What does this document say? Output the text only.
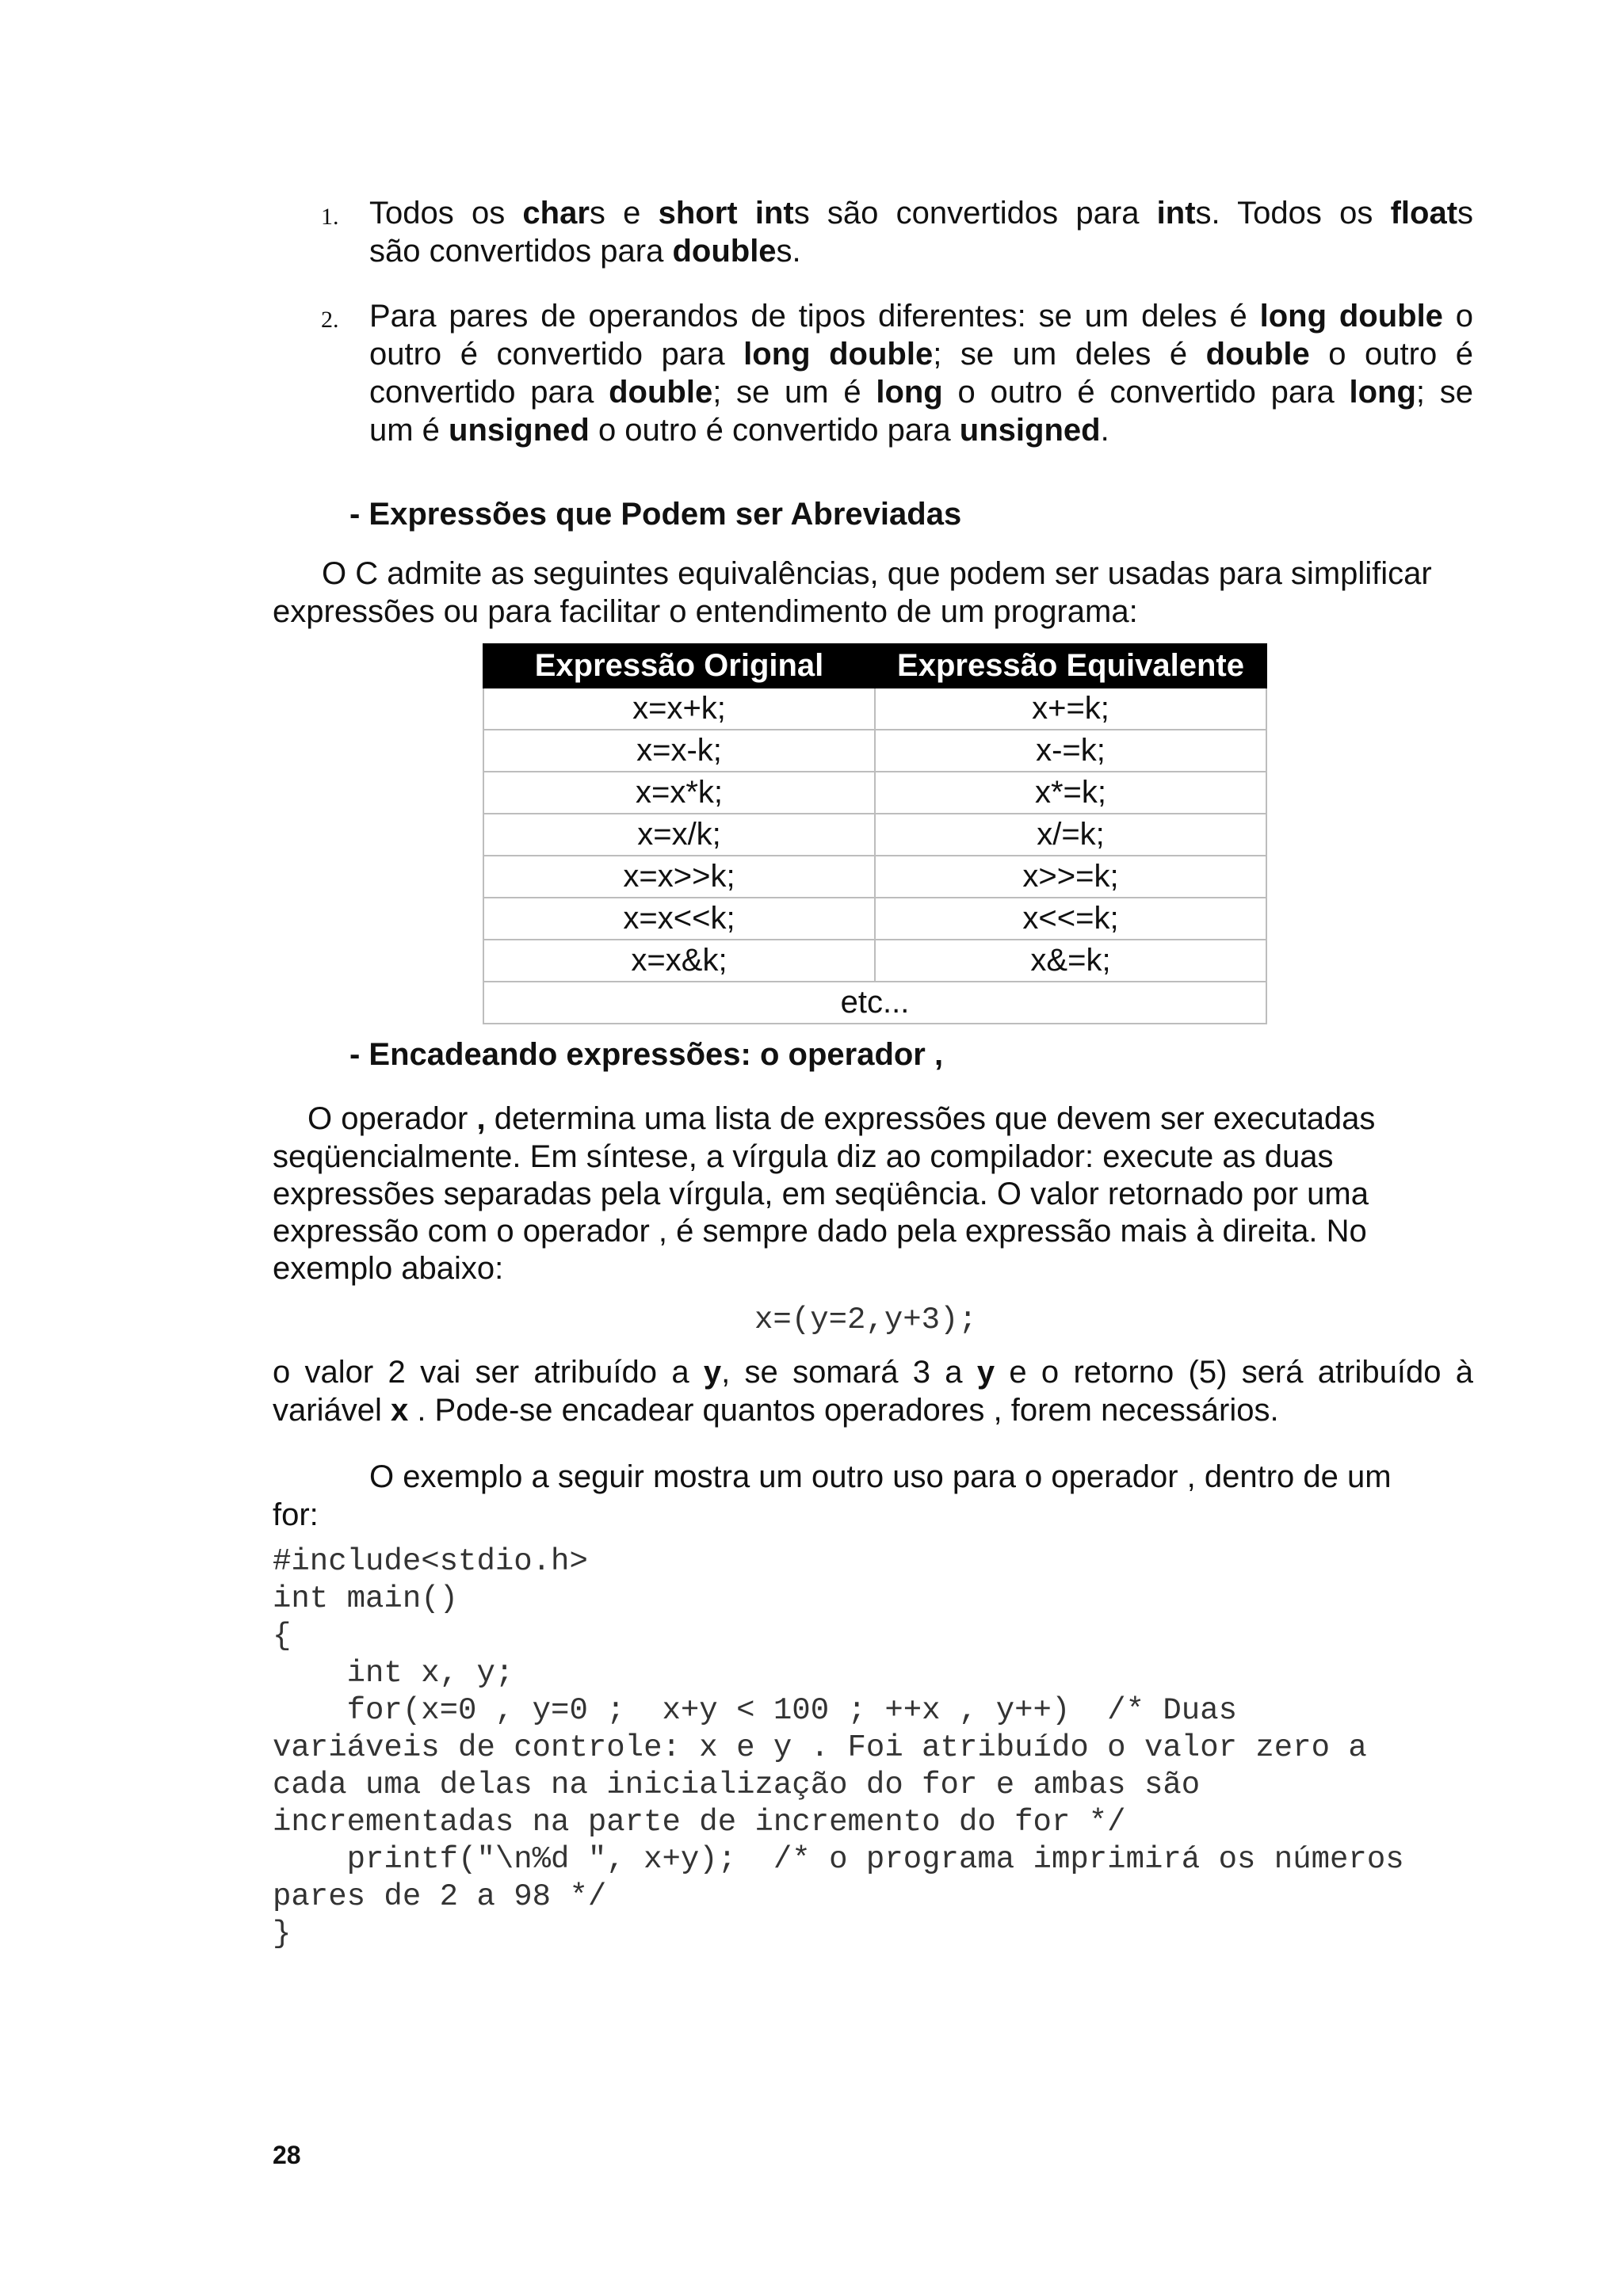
1. Todos os chars e short ints são convertidos para ints. Todos os floats
são convertidos para doubles.
2. Para pares de operandos de tipos diferentes: se um deles é long double o
outro é convertido para long double; se um deles é double o outro é
convertido para double; se um é long o outro é convertido para long; se
um é unsigned o outro é convertido para unsigned.
- Expressões que Podem ser Abreviadas
O C admite as seguintes equivalências, que podem ser usadas para simplificar
expressões ou para facilitar o entendimento de um programa:
Expressão Original	Expressão Equivalente
x=x+k;	x+=k;
x=x-k;	x-=k;
x=x*k;	x*=k;
x=x/k;	x/=k;
x=x>>k;	x>>=k;
x=x<<k;	x<<=k;
x=x&k;	x&=k;
etc...	
- Encadeando expressões: o operador ,
O operador , determina uma lista de expressões que devem ser executadas
seqüencialmente. Em síntese, a vírgula diz ao compilador: execute as duas
expressões separadas pela vírgula, em seqüência. O valor retornado por uma
expressão com o operador , é sempre dado pela expressão mais à direita. No
exemplo abaixo:
x=(y=2,y+3);
o valor 2 vai ser atribuído a y, se somará 3 a y e o retorno (5) será atribuído à
variável x . Pode-se encadear quantos operadores , forem necessários.
O exemplo a seguir mostra um outro uso para o operador , dentro de um
for:
#include<stdio.h>
int main()
{
int x, y;
for(x=0 , y=0 ;  x+y < 100 ; ++x , y++)  /* Duas
variáveis de controle: x e y . Foi atribuído o valor zero a
cada uma delas na inicialização do for e ambas são
incrementadas na parte de incremento do for */
printf("\n%d ", x+y);  /* o programa imprimirá os números
pares de 2 a 98 */
}
28
